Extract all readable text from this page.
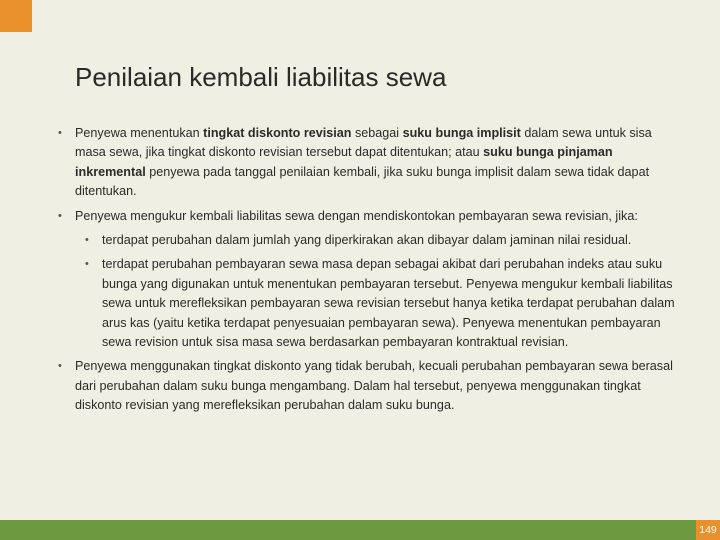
Penilaian kembali liabilitas sewa
• Penyewa menentukan tingkat diskonto revisian sebagai suku bunga implisit dalam sewa untuk sisa masa sewa, jika tingkat diskonto revisian tersebut dapat ditentukan; atau suku bunga pinjaman inkremental penyewa pada tanggal penilaian kembali, jika suku bunga implisit dalam sewa tidak dapat ditentukan.
• Penyewa mengukur kembali liabilitas sewa dengan mendiskontokan pembayaran sewa revisian, jika:
• terdapat perubahan dalam jumlah yang diperkirakan akan dibayar dalam jaminan nilai residual.
• terdapat perubahan pembayaran sewa masa depan sebagai akibat dari perubahan indeks atau suku bunga yang digunakan untuk menentukan pembayaran tersebut. Penyewa mengukur kembali liabilitas sewa untuk merefleksikan pembayaran sewa revisian tersebut hanya ketika terdapat perubahan dalam arus kas (yaitu ketika terdapat penyesuaian pembayaran sewa). Penyewa menentukan pembayaran sewa revision untuk sisa masa sewa berdasarkan pembayaran kontraktual revisian.
• Penyewa menggunakan tingkat diskonto yang tidak berubah, kecuali perubahan pembayaran sewa berasal dari perubahan dalam suku bunga mengambang. Dalam hal tersebut, penyewa menggunakan tingkat diskonto revisian yang merefleksikan perubahan dalam suku bunga.
149
